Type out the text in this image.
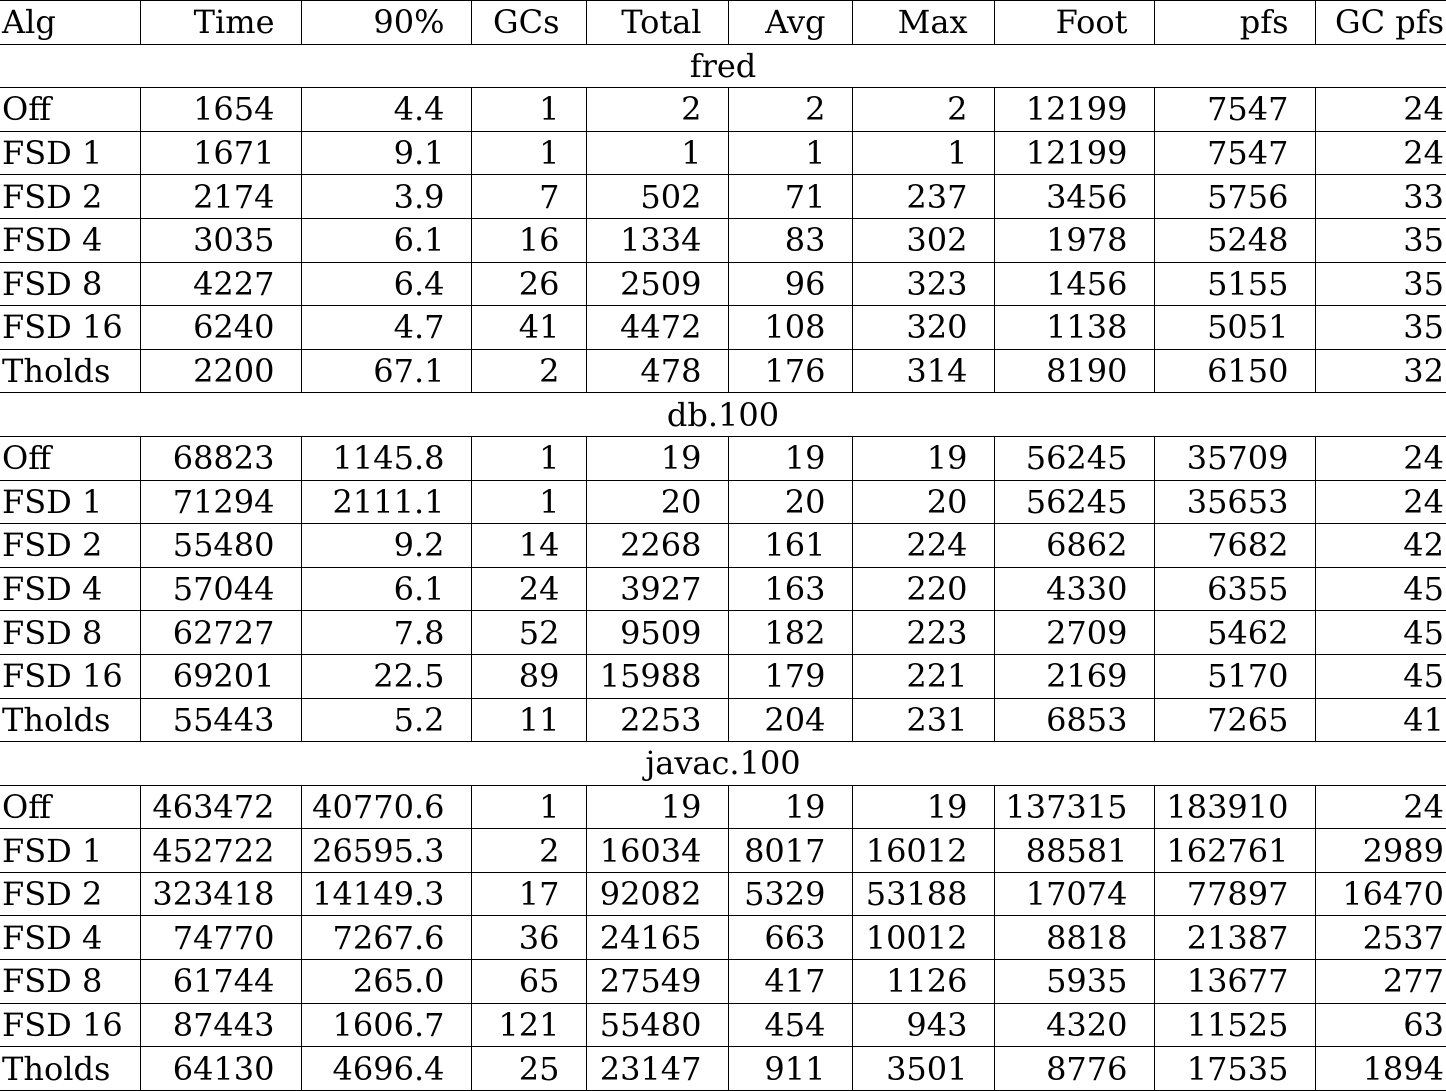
Alg	Time	90%	GCs	Total	Avg	Max	Foot	pfs	GC pfs
fred									
Off	1654	4.4	1	2	2	2	12199	7547	24
FSD 1	1671	9.1	1	1	1	1	12199	7547	24
FSD 2	2174	3.9	7	502	71	237	3456	5756	33
FSD 4	3035	6.1	16	1334	83	302	1978	5248	35
FSD 8	4227	6.4	26	2509	96	323	1456	5155	35
FSD 16	6240	4.7	41	4472	108	320	1138	5051	35
Tholds	2200	67.1	2	478	176	314	8190	6150	32
db.100									
Off	68823	1145.8	1	19	19	19	56245	35709	24
FSD 1	71294	2111.1	1	20	20	20	56245	35653	24
FSD 2	55480	9.2	14	2268	161	224	6862	7682	42
FSD 4	57044	6.1	24	3927	163	220	4330	6355	45
FSD 8	62727	7.8	52	9509	182	223	2709	5462	45
FSD 16	69201	22.5	89	15988	179	221	2169	5170	45
Tholds	55443	5.2	11	2253	204	231	6853	7265	41
javac.100									
Off	463472	40770.6	1	19	19	19	137315	183910	24
FSD 1	452722	26595.3	2	16034	8017	16012	88581	162761	2989
FSD 2	323418	14149.3	17	92082	5329	53188	17074	77897	16470
FSD 4	74770	7267.6	36	24165	663	10012	8818	21387	2537
FSD 8	61744	265.0	65	27549	417	1126	5935	13677	277
FSD 16	87443	1606.7	121	55480	454	943	4320	11525	63
Tholds	64130	4696.4	25	23147	911	3501	8776	17535	1894
